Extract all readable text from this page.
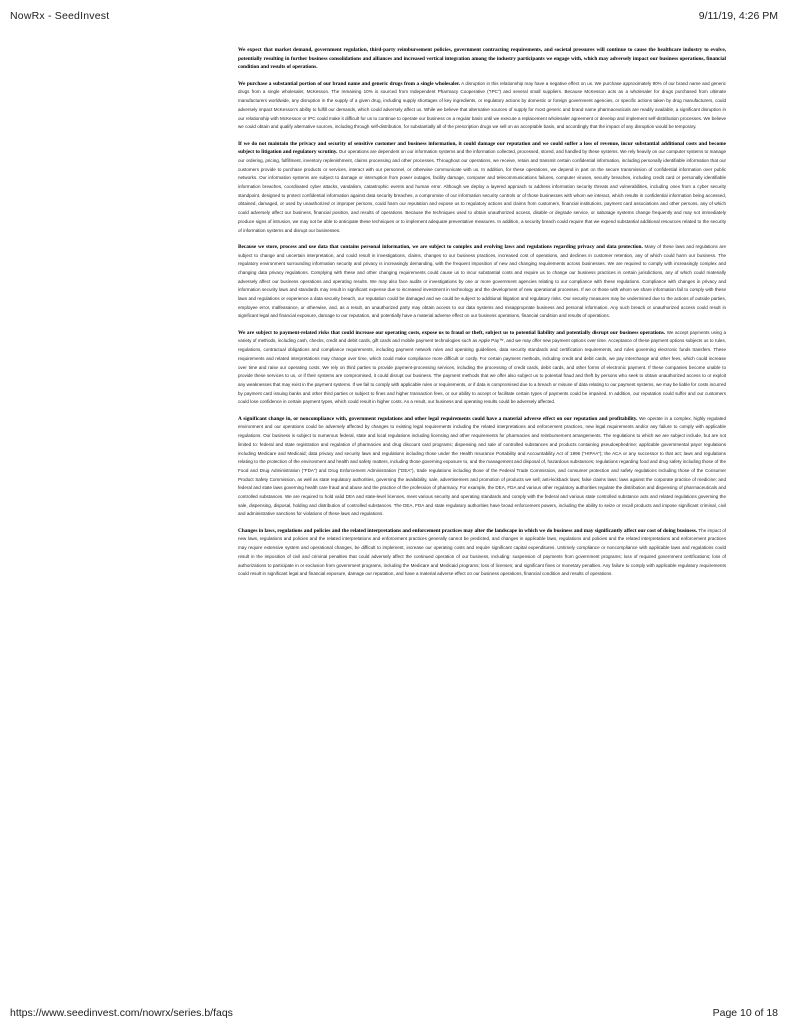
NowRx - SeedInvest	9/11/19, 4:26 PM

We expect that market demand, government regulation, third-party reimbursement policies, government contracting requirements, and societal pressures will continue to cause the healthcare industry to evolve, potentially resulting in further business consolidations and alliances and increased vertical integration among the industry participants we engage with, which may adversely impact our business operations, financial condition and results of operations.

We purchase a substantial portion of our brand name and generic drugs from a single wholesaler. A disruption in this relationship may have a negative effect on us. We purchase approximately 90% of our brand name and generic drugs from a single wholesaler, McKesson. The remaining 10% is sourced from Independent Pharmacy Cooperative ("IPC") and several small suppliers. Because McKesson acts as a wholesaler for drugs purchased from ultimate manufacturers worldwide, any disruption in the supply of a given drug, including supply shortages of key ingredients, or regulatory actions by domestic or foreign government agencies, or specific actions taken by drug manufacturers, could adversely impact McKesson's ability to fulfill our demands, which could adversely affect us. While we believe that alternative sources of supply for most generic and brand name pharmaceuticals are readily available, a significant disruption in our relationship with McKesson or IPC could make it difficult for us to continue to operate our business on a regular basis until we execute a replacement wholesaler agreement or develop and implement self-distribution processes. We believe we could obtain and qualify alternative sources, including through self-distribution, for substantially all of the prescription drugs we sell on an acceptable basis, and accordingly that the impact of any disruption would be temporary.

If we do not maintain the privacy and security of sensitive customer and business information, it could damage our reputation and we could suffer a loss of revenue, incur substantial additional costs and become subject to litigation and regulatory scrutiny. Our operations are dependent on our information systems and the information collected, processed, stored, and handled by these systems. We rely heavily on our computer systems to manage our ordering, pricing, fulfillment, inventory replenishment, claims processing and other processes. Throughout our operations, we receive, retain and transmit certain confidential information, including personally identifiable information that our customers provide to purchase products or services, interact with our personnel, or otherwise communicate with us. In addition, for these operations, we depend in part on the secure transmission of confidential information over public networks. Our information systems are subject to damage or interruption from power outages, facility damage, computer and telecommunications failures, computer viruses, security breaches, including credit card or personally identifiable information breaches, coordinated cyber attacks, vandalism, catastrophic events and human error. Although we deploy a layered approach to address information security threats and vulnerabilities, including ones from a cyber security standpoint, designed to protect confidential information against data security breaches, a compromise of our information security controls or of those businesses with whom we interact, which results in confidential information being accessed, obtained, damaged, or used by unauthorized or improper persons, could harm our reputation and expose us to regulatory actions and claims from customers, financial institutions, payment card associations and other persons, any of which could adversely affect our business, financial position, and results of operations. Because the techniques used to obtain unauthorized access, disable or degrade service, or sabotage systems change frequently and may not immediately produce signs of intrusion, we may not be able to anticipate these techniques or to implement adequate preventative measures. In addition, a security breach could require that we expend substantial additional resources related to the security of information systems and disrupt our businesses.

Because we store, process and use data that contains personal information, we are subject to complex and evolving laws and regulations regarding privacy and data protection. Many of these laws and regulations are subject to change and uncertain interpretation, and could result in investigations, claims, changes to our business practices, increased cost of operations, and declines in customer retention, any of which could harm our business. The regulatory environment surrounding information security and privacy is increasingly demanding, with the frequent imposition of new and changing requirements across businesses. We are required to comply with increasingly complex and changing data privacy regulations. Complying with these and other changing requirements could cause us to incur substantial costs and require us to change our business practices in certain jurisdictions, any of which could materially adversely affect our business operations and operating results. We may also face audits or investigations by one or more government agencies relating to our compliance with these regulations. Compliance with changes in privacy and information security laws and standards may result in significant expense due to increased investment in technology and the development of new operational processes. If we or those with whom we share information fail to comply with these laws and regulations or experience a data security breach, our reputation could be damaged and we could be subject to additional litigation and regulatory risks. Our security measures may be undermined due to the actions of outside parties, employee error, malfeasance, or otherwise, and, as a result, an unauthorized party may obtain access to our data systems and misappropriate business and personal information. Any such breach or unauthorized access could result in significant legal and financial exposure, damage to our reputation, and potentially have a material adverse effect on our business operations, financial condition and results of operations.

We are subject to payment-related risks that could increase our operating costs, expose us to fraud or theft, subject us to potential liability and potentially disrupt our business operations. We accept payments using a variety of methods, including cash, checks, credit and debit cards, gift cards and mobile payment technologies such as Apple Pay™, and we may offer new payment options over time. Acceptance of these payment options subjects us to rules, regulations, contractual obligations and compliance requirements, including payment network rules and operating guidelines, data security standards and certification requirements, and rules governing electronic funds transfers. These requirements and related interpretations may change over time, which could make compliance more difficult or costly. For certain payment methods, including credit and debit cards, we pay interchange and other fees, which could increase over time and raise our operating costs. We rely on third parties to provide payment-processing services, including the processing of credit cards, debit cards, and other forms of electronic payment. If these companies become unable to provide these services to us, or if their systems are compromised, it could disrupt our business. The payment methods that we offer also subject us to potential fraud and theft by persons who seek to obtain unauthorized access to or exploit any weaknesses that may exist in the payment systems. If we fail to comply with applicable rules or requirements, or if data is compromised due to a breach or misuse of data relating to our payment systems, we may be liable for costs incurred by payment card issuing banks and other third parties or subject to fines and higher transaction fees, or our ability to accept or facilitate certain types of payments could be impaired. In addition, our reputation could suffer and our customers could lose confidence in certain payment types, which could result in higher costs. As a result, our business and operating results could be adversely affected.

A significant change in, or noncompliance with, government regulations and other legal requirements could have a material adverse effect on our reputation and profitability. We operate in a complex, highly regulated environment and our operations could be adversely affected by changes to existing legal requirements including the related interpretations and enforcement practices, new legal requirements and/or any failure to comply with applicable regulations. Our business is subject to numerous federal, state and local regulations including licensing and other requirements for pharmacies and reimbursement arrangements. The regulations to which we are subject include, but are not limited to: federal and state registration and regulation of pharmacies and drug discount card programs; dispensing and sale of controlled substances and products containing pseudoephedrine; applicable governmental payor regulations including Medicare and Medicaid; data privacy and security laws and regulations including those under the Health Insurance Portability and Accountability Act of 1996 ("HIPAA"); the ACA or any successor to that act; laws and regulations relating to the protection of the environment and health and safety matters, including those governing exposure to, and the management and disposal of, hazardous substances; regulations regarding food and drug safety including those of the Food and Drug Administration ("FDA") and Drug Enforcement Administration ("DEA"), trade regulations including those of the Federal Trade Commission, and consumer protection and safety regulations including those of the Consumer Product Safety Commission, as well as state regulatory authorities, governing the availability, sale, advertisement and promotion of products we sell; anti-kickback laws; false claims laws; laws against the corporate practice of medicine; and federal and state laws governing health care fraud and abuse and the practice of the profession of pharmacy. For example, the DEA, FDA and various other regulatory authorities regulate the distribution and dispensing of pharmaceuticals and controlled substances. We are required to hold valid DEA and state-level licenses, meet various security and operating standards and comply with the federal and various state controlled substance acts and related regulations governing the sale, dispensing, disposal, holding and distribution of controlled substances. The DEA, FDA and state regulatory authorities have broad enforcement powers, including the ability to seize or recall products and impose significant criminal, civil and administrative sanctions for violations of these laws and regulations.

Changes in laws, regulations and policies and the related interpretations and enforcement practices may alter the landscape in which we do business and may significantly affect our cost of doing business. The impact of new laws, regulations and policies and the related interpretations and enforcement practices generally cannot be predicted, and changes in applicable laws, regulations and policies and the related interpretations and enforcement practices may require extensive system and operational changes, be difficult to implement, increase our operating costs and require significant capital expenditures. Untimely compliance or noncompliance with applicable laws and regulations could result in the imposition of civil and criminal penalties that could adversely affect the continued operation of our business, including: suspension of payments from government programs; loss of required government certifications; loss of authorizations to participate in or exclusion from government programs, including the Medicare and Medicaid programs; loss of licenses; and significant fines or monetary penalties. Any failure to comply with applicable regulatory requirements could result in significant legal and financial exposure, damage our reputation, and have a material adverse effect on our business operations, financial condition and results of operations.

https://www.seedinvest.com/nowrx/series.b/faqs	Page 10 of 18
